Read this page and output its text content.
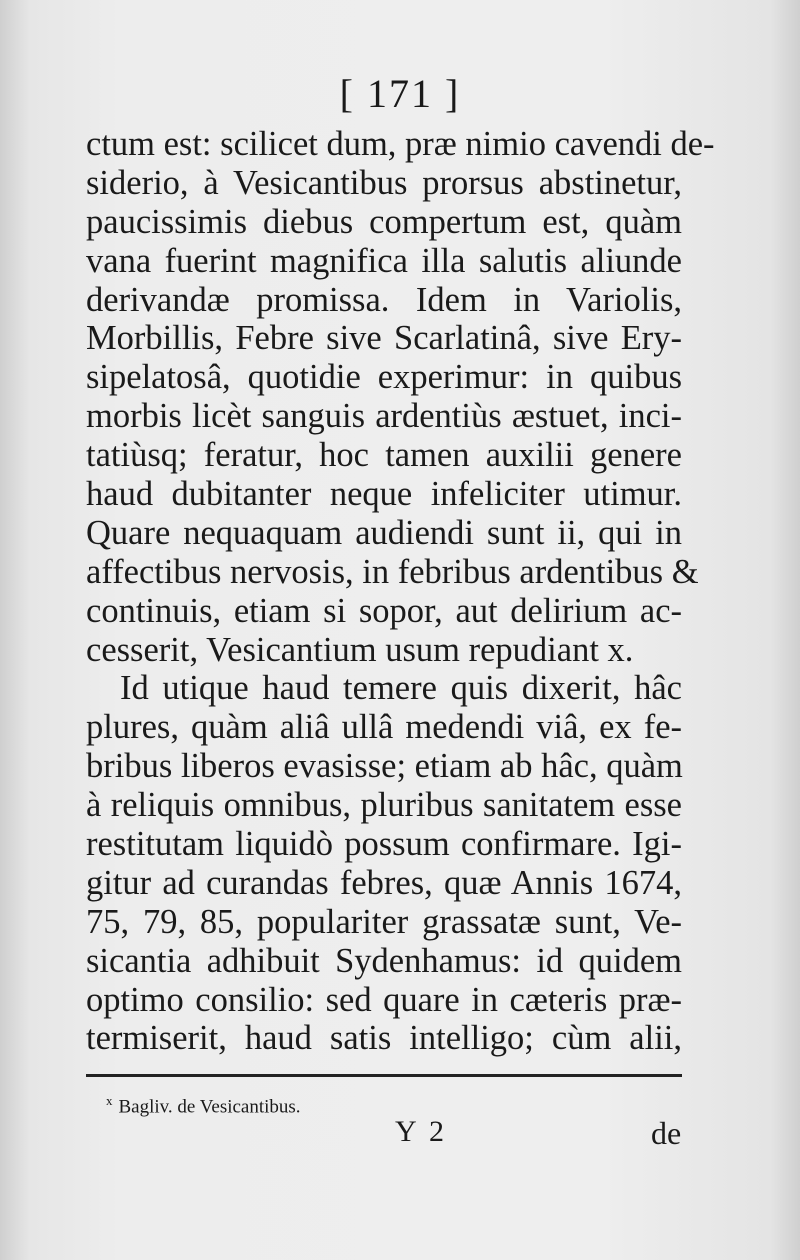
[ 171 ]
ctum est: scilicet dum, præ nimio cavendi de-
siderio, à Vesicantibus prorsus abstinetur,
paucissimis diebus compertum est, quàm
vana fuerint magnifica illa salutis aliunde
derivandæ promissa. Idem in Variolis,
Morbillis, Febre sive Scarlatinâ, sive Ery-
sipelatosâ, quotidie experimur: in quibus
morbis licèt sanguis ardentiùs æstuet, inci-
tatiùsq; feratur, hoc tamen auxilii genere
haud dubitanter neque infeliciter utimur.
Quare nequaquam audiendi sunt ii, qui in
affectibus nervosis, in febribus ardentibus &
continuis, etiam si sopor, aut delirium ac-
cesserit, Vesicantium usum repudiant x.
Id utique haud temere quis dixerit, hâc
plures, quàm aliâ ullâ medendi viâ, ex fe-
bribus liberos evasisse; etiam ab hâc, quàm
à reliquis omnibus, pluribus sanitatem esse
restitutam liquidò possum confirmare. Igi-
gitur ad curandas febres, quæ Annis 1674,
75, 79, 85, populariter grassatæ sunt, Ve-
sicantia adhibuit Sydenhamus: id quidem
optimo consilio: sed quare in cæteris præ-
termiserit, haud satis intelligo; cùm alii,
$^x$ Bagliv. de Vesicantibus.
Y 2	de
